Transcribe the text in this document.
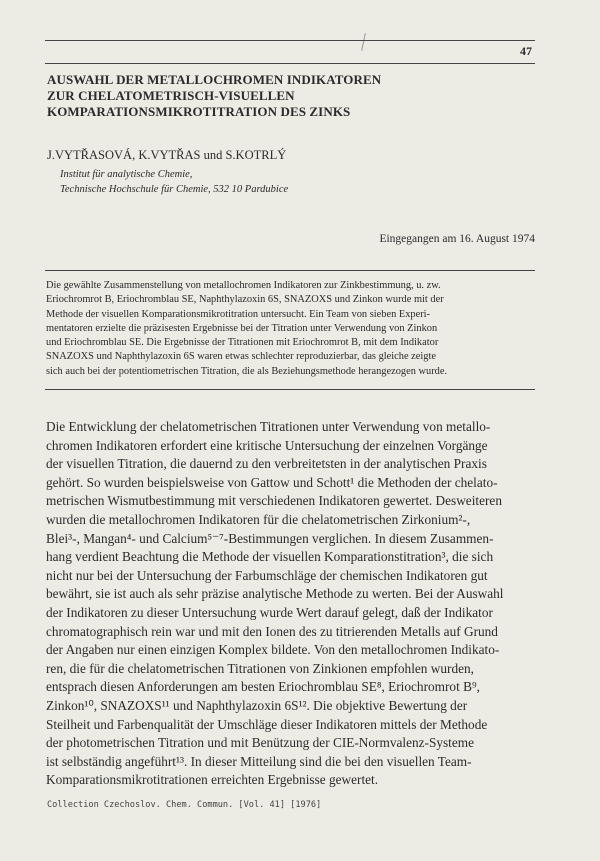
47
AUSWAHL DER METALLOCHROMEN INDIKATOREN
ZUR CHELATOMETRISCH-VISUELLEN
KOMPARATIONSMIKROTITRATION DES ZINKS
J.VYTŘASOVÁ, K.VYTŘAS und S.KOTRLÝ
Institut für analytische Chemie,
Technische Hochschule für Chemie, 532 10 Pardubice
Eingegangen am 16. August 1974
Die gewählte Zusammenstellung von metallochromen Indikatoren zur Zinkbestimmung, u. zw.
Eriochromrot B, Eriochromblau SE, Naphthylazoxin 6S, SNAZOXS und Zinkon wurde mit der
Methode der visuellen Komparationsmikrotitration untersucht. Ein Team von sieben Experi-
mentatoren erzielte die präzisesten Ergebnisse bei der Titration unter Verwendung von Zinkon
und Eriochromblau SE. Die Ergebnisse der Titrationen mit Eriochromrot B, mit dem Indikator
SNAZOXS und Naphthylazoxin 6S waren etwas schlechter reproduzierbar, das gleiche zeigte
sich auch bei der potentiometrischen Titration, die als Beziehungsmethode herangezogen wurde.
Die Entwicklung der chelatometrischen Titrationen unter Verwendung von metallo-
chromen Indikatoren erfordert eine kritische Untersuchung der einzelnen Vorgänge
der visuellen Titration, die dauernd zu den verbreitetsten in der analytischen Praxis
gehört. So wurden beispielsweise von Gattow und Schott¹ die Methoden der chelato-
metrischen Wismutbestimmung mit verschiedenen Indikatoren gewertet. Desweiteren
wurden die metallochromen Indikatoren für die chelatometrischen Zirkonium²-,
Blei³-, Mangan⁴- und Calcium⁵⁻⁷-Bestimmungen verglichen. In diesem Zusammen-
hang verdient Beachtung die Methode der visuellen Komparationstitration³, die sich
nicht nur bei der Untersuchung der Farbumschläge der chemischen Indikatoren gut
bewährt, sie ist auch als sehr präzise analytische Methode zu werten. Bei der Auswahl
der Indikatoren zu dieser Untersuchung wurde Wert darauf gelegt, daß der Indikator
chromatographisch rein war und mit den Ionen des zu titrierenden Metalls auf Grund
der Angaben nur einen einzigen Komplex bildete. Von den metallochromen Indikato-
ren, die für die chelatometrischen Titrationen von Zinkionen empfohlen wurden,
entsprach diesen Anforderungen am besten Eriochromblau SE⁸, Eriochromrot B⁹,
Zinkon¹⁰, SNAZOXS¹¹ und Naphthylazoxin 6S¹². Die objektive Bewertung der
Steilheit und Farbenqualität der Umschläge dieser Indikatoren mittels der Methode
der photometrischen Titration und mit Benützung der CIE-Normvalenz-Systeme
ist selbständig angeführt¹³. In dieser Mitteilung sind die bei den visuellen Team-
Komparationsmikrotitrationen erreichten Ergebnisse gewertet.
Collection Czechoslov. Chem. Commun. [Vol. 41] [1976]
